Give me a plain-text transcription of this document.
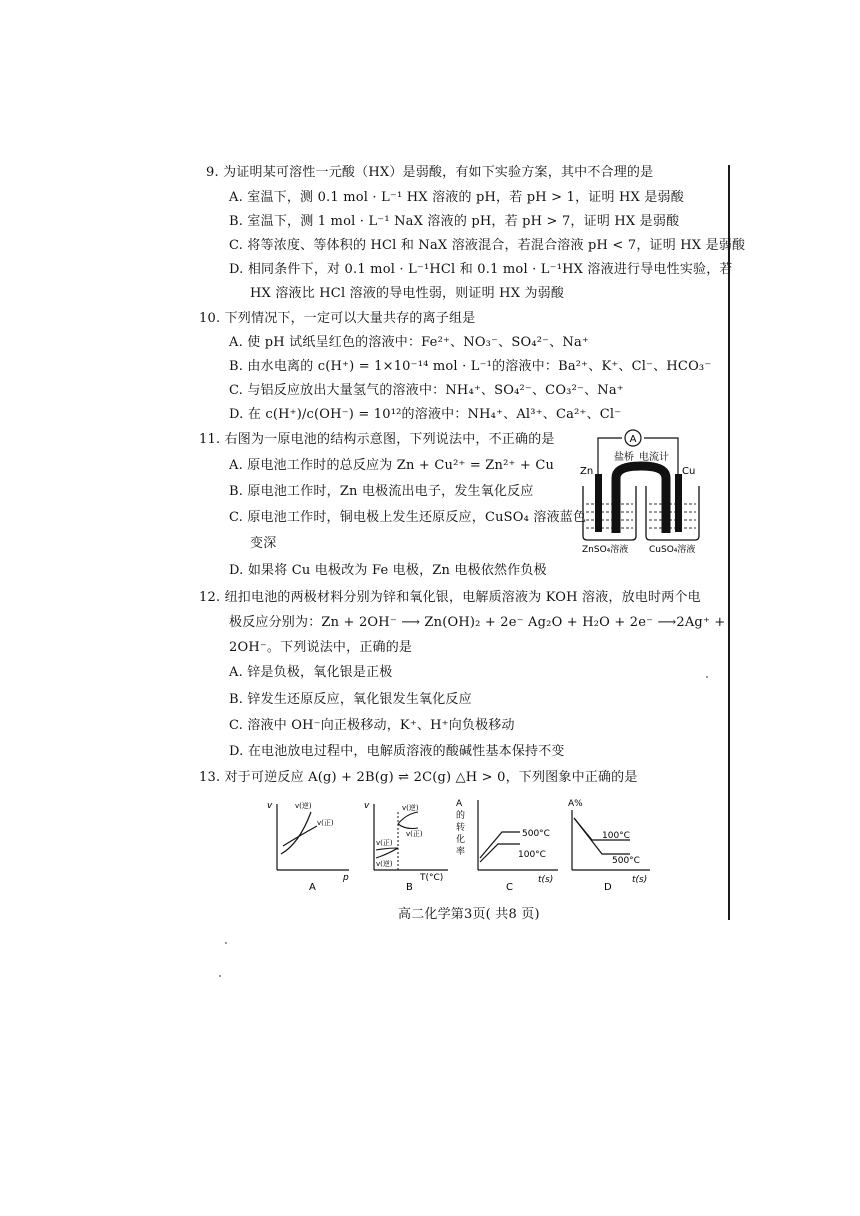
9. 为证明某可溶性一元酸（HX）是弱酸，有如下实验方案，其中不合理的是
A. 室温下，测 0.1 mol · L⁻¹ HX 溶液的 pH，若 pH > 1，证明 HX 是弱酸
B. 室温下，测 1 mol · L⁻¹ NaX 溶液的 pH，若 pH > 7，证明 HX 是弱酸
C. 将等浓度、等体积的 HCl 和 NaX 溶液混合，若混合溶液 pH < 7，证明 HX 是弱酸
D. 相同条件下，对 0.1 mol · L⁻¹HCl 和 0.1 mol · L⁻¹HX 溶液进行导电性实验，若
HX 溶液比 HCl 溶液的导电性弱，则证明 HX 为弱酸
10. 下列情况下，一定可以大量共存的离子组是
A. 使 pH 试纸呈红色的溶液中：Fe²⁺、NO₃⁻、SO₄²⁻、Na⁺
B. 由水电离的 c(H⁺) = 1×10⁻¹⁴ mol · L⁻¹的溶液中：Ba²⁺、K⁺、Cl⁻、HCO₃⁻
C. 与铝反应放出大量氢气的溶液中：NH₄⁺、SO₄²⁻、CO₃²⁻、Na⁺
D. 在 c(H⁺)/c(OH⁻) = 10¹²的溶液中：NH₄⁺、Al³⁺、Ca²⁺、Cl⁻
11. 右图为一原电池的结构示意图，下列说法中，不正确的是
A. 原电池工作时的总反应为 Zn + Cu²⁺ = Zn²⁺ + Cu
B. 原电池工作时，Zn 电极流出电子，发生氧化反应
C. 原电池工作时，铜电极上发生还原反应，CuSO₄ 溶液蓝色
变深
D. 如果将 Cu 电极改为 Fe 电极，Zn 电极依然作负极
A
盐桥 电流计
Zn	Cu
ZnSO₄溶液 CuSO₄溶液
12. 纽扣电池的两极材料分别为锌和氧化银，电解质溶液为 KOH 溶液，放电时两个电
极反应分别为：Zn + 2OH⁻ ⟶ Zn(OH)₂ + 2e⁻ Ag₂O + H₂O + 2e⁻ ⟶2Ag⁺ +
2OH⁻。下列说法中，正确的是
A. 锌是负极，氧化银是正极
B. 锌发生还原反应，氧化银发生氧化反应
C. 溶液中 OH⁻向正极移动，K⁺、H⁺向负极移动
D. 在电池放电过程中，电解质溶液的酸碱性基本保持不变
13. 对于可逆反应 A(g) + 2B(g) ⇌ 2C(g) △H > 0，下列图象中正确的是
v
p
v(逆)
v(正)
A
v
T(°C)
v(逆)
v(正)
v(正)
v(逆)
B
A
的
转
化
率
t(s)
500°C
100°C
C
A%
t(s)
100°C
500°C
D
高二化学第3页( 共8 页)
